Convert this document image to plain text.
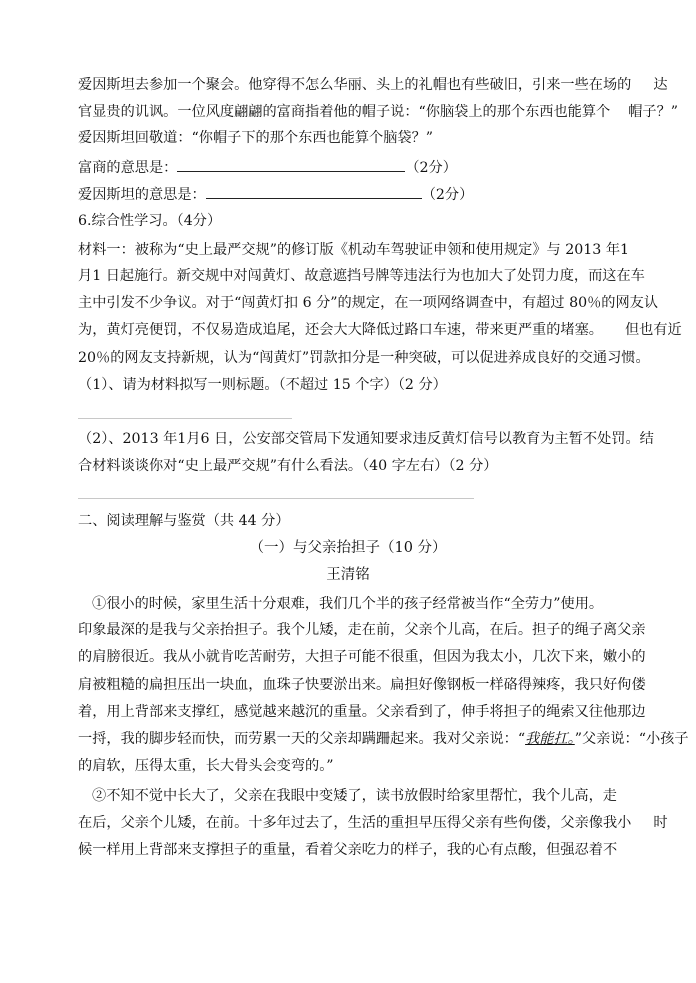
爱因斯坦去参加一个聚会。他穿得不怎么华丽、头上的礼帽也有些破旧，引来一些在场的 达
官显贵的讥讽。一位风度翩翩的富商指着他的帽子说：“你脑袋上的那个东西也能算个 帽子？”
爱因斯坦回敬道：“你帽子下的那个东西也能算个脑袋？”
富商的意思是：	（2分）
爱因斯坦的意思是：	（2分）
6.综合性学习。（4分）
材料一：被称为“史上最严交规”的修订版《机动车驾驶证申领和使用规定》与 2013 年1
月1 日起施行。新交规中对闯黄灯、故意遮挡号牌等违法行为也加大了处罚力度，而这在车
主中引发不少争议。对于“闯黄灯扣 6 分”的规定，在一项网络调查中，有超过 80％的网友认
为，黄灯亮便罚，不仅易造成追尾，还会大大降低过路口车速，带来更严重的堵塞。 但也有近
20％的网友支持新规，认为“闯黄灯”罚款扣分是一种突破，可以促进养成良好的交通习惯。
（1）、请为材料拟写一则标题。（不超过 15 个字）（2 分）
（2）、2013 年1月6 日，公安部交管局下发通知要求违反黄灯信号以教育为主暂不处罚。结
合材料谈谈你对“史上最严交规”有什么看法。（40 字左右）（2 分）
二、阅读理解与鉴赏（共 44 分）
（一）与父亲抬担子（10 分）
王清铭
①很小的时候，家里生活十分艰难，我们几个半的孩子经常被当作“全劳力”使用。
印象最深的是我与父亲抬担子。我个儿矮，走在前，父亲个儿高，在后。担子的绳子离父亲
的肩膀很近。我从小就肯吃苦耐劳，大担子可能不很重，但因为我太小，几次下来，嫩小的
肩被粗糙的扁担压出一块血，血珠子快要淤出来。扁担好像钢板一样硌得辣疼，我只好佝偻
着，用上背部来支撑红，感觉越来越沉的重量。父亲看到了，伸手将担子的绳索又往他那边
一捋，我的脚步轻而快，而劳累一天的父亲却蹒跚起来。我对父亲说：“我能扛。”父亲说：“小孩子
的肩软，压得太重，长大骨头会变弯的。”
②不知不觉中长大了，父亲在我眼中变矮了，读书放假时给家里帮忙，我个儿高，走
在后，父亲个儿矮，在前。十多年过去了，生活的重担早压得父亲有些佝偻，父亲像我小 时
候一样用上背部来支撑担子的重量，看着父亲吃力的样子，我的心有点酸，但强忍着不
